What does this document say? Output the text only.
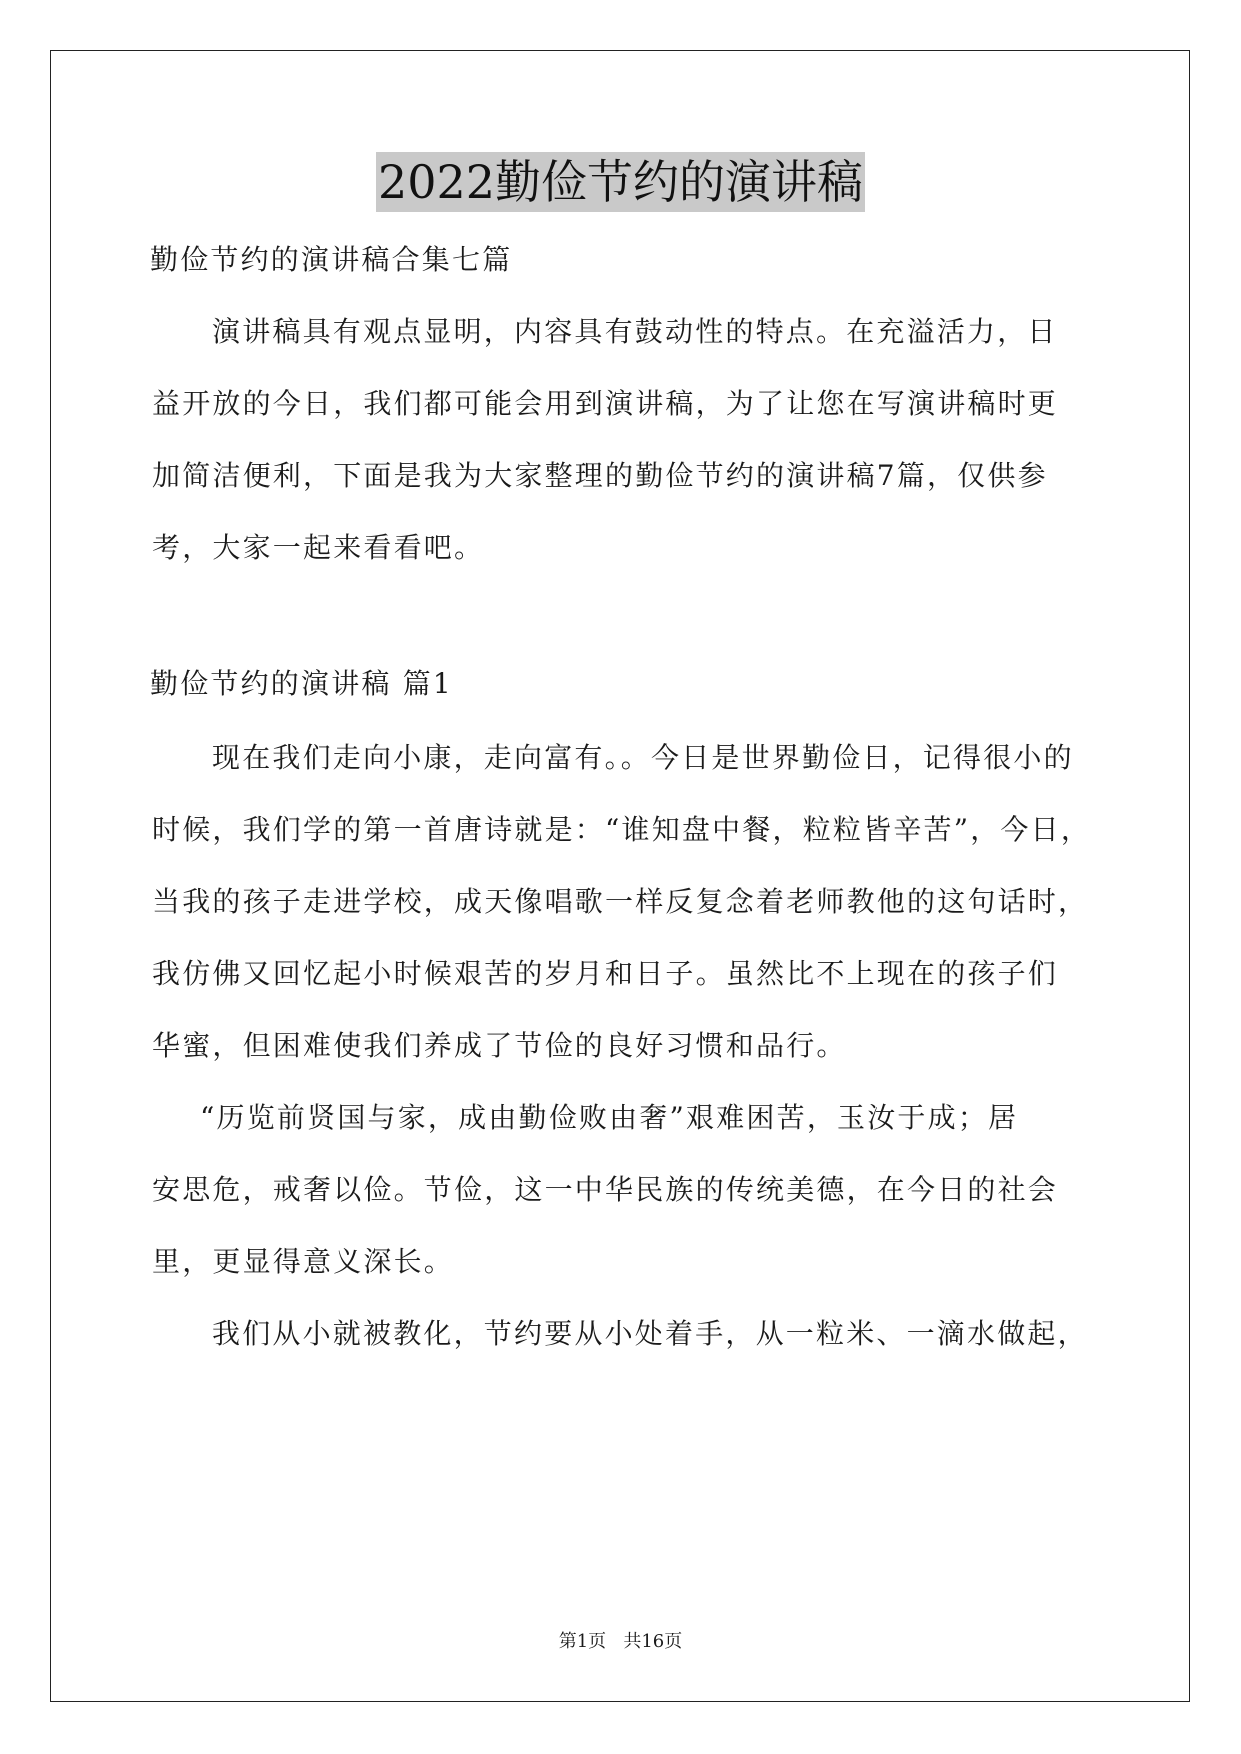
2022勤俭节约的演讲稿
勤俭节约的演讲稿合集七篇
演讲稿具有观点显明，内容具有鼓动性的特点。在充溢活力，日
益开放的今日，我们都可能会用到演讲稿，为了让您在写演讲稿时更
加简洁便利，下面是我为大家整理的勤俭节约的演讲稿7篇，仅供参
考，大家一起来看看吧。
勤俭节约的演讲稿 篇1
现在我们走向小康，走向富有。。今日是世界勤俭日，记得很小的
时候，我们学的第一首唐诗就是：“谁知盘中餐，粒粒皆辛苦”，今日，
当我的孩子走进学校，成天像唱歌一样反复念着老师教他的这句话时，
我仿佛又回忆起小时候艰苦的岁月和日子。虽然比不上现在的孩子们
华蜜，但困难使我们养成了节俭的良好习惯和品行。
“历览前贤国与家，成由勤俭败由奢”艰难困苦，玉汝于成；居
安思危，戒奢以俭。节俭，这一中华民族的传统美德，在今日的社会
里，更显得意义深长。
我们从小就被教化，节约要从小处着手，从一粒米、一滴水做起，
第1页   共16页
